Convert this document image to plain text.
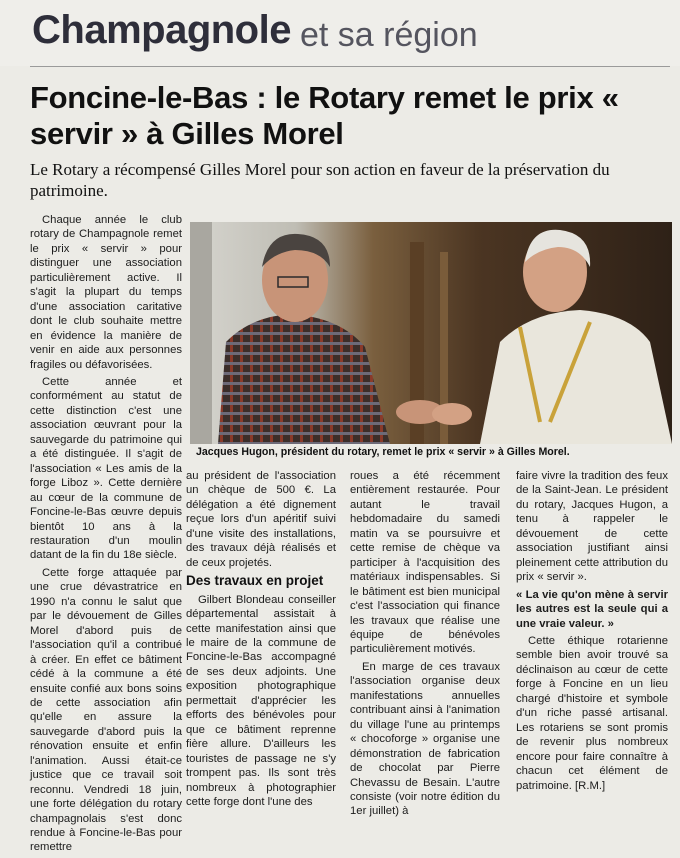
Champagnole et sa région
Foncine-le-Bas : le Rotary remet le prix « servir » à Gilles Morel

Le Rotary a récompensé Gilles Morel pour son action en faveur de la préservation du patrimoine.

Chaque année le club rotary de Champagnole remet le prix « servir » pour distinguer une association particulièrement active. Il s'agit la plupart du temps d'une association caritative dont le club souhaite mettre en évidence la manière de venir en aide aux personnes fragiles ou défavorisées.

Cette année et conformément au statut de cette distinction c'est une association œuvrant pour la sauvegarde du patrimoine qui a été distinguée. Il s'agit de l'association « Les amis de la forge Liboz ». Cette dernière au cœur de la commune de Foncine-le-Bas œuvre depuis bientôt 10 ans à la restauration d'un moulin datant de la fin du 18e siècle.

Cette forge attaquée par une crue dévastratrice en 1990 n'a connu le salut que par le dévouement de Gilles Morel d'abord puis de l'association qu'il a contribué à créer. En effet ce bâtiment cédé à la commune a été ensuite confié aux bons soins de cette association afin qu'elle en assure la sauvegarde d'abord puis la rénovation ensuite et enfin l'animation. Aussi était-ce justice que ce travail soit reconnu. Vendredi 18 juin, une forte délégation du rotary champagnolais s'est donc rendue à Foncine-le-Bas pour remettre

Jacques Hugon, président du rotary, remet le prix « servir » à Gilles Morel.

au président de l'association un chèque de 500 €. La délégation a été dignement reçue lors d'un apéritif suivi d'une visite des installations, des travaux déjà réalisés et de ceux projetés.

Des travaux en projet

Gilbert Blondeau conseiller départemental assistait à cette manifestation ainsi que le maire de la commune de Foncine-le-Bas accompagné de ses deux adjoints. Une exposition photographique permettait d'apprécier les efforts des bénévoles pour que ce bâtiment reprenne fière allure. D'ailleurs les touristes de passage ne s'y trompent pas. Ils sont très nombreux à photographier cette forge dont l'une des

roues a été récemment entièrement restaurée. Pour autant le travail hebdomadaire du samedi matin va se poursuivre et cette remise de chèque va participer à l'acquisition des matériaux indispensables. Si le bâtiment est bien municipal c'est l'association qui finance les travaux que réalise une équipe de bénévoles particulièrement motivés.

En marge de ces travaux l'association organise deux manifestations annuelles contribuant ainsi à l'animation du village l'une au printemps « chocoforge » organise une démonstration de fabrication de chocolat par Pierre Chevassu de Besain. L'autre consiste (voir notre édition du 1er juillet) à

faire vivre la tradition des feux de la Saint-Jean. Le président du rotary, Jacques Hugon, a tenu à rappeler le dévouement de cette association justifiant ainsi pleinement cette attribution du prix « servir ».

« La vie qu'on mène à servir les autres est la seule qui a une vraie valeur. »

Cette éthique rotarienne semble bien avoir trouvé sa déclinaison au cœur de cette forge à Foncine en un lieu chargé d'histoire et symbole d'un riche passé artisanal. Les rotariens se sont promis de revenir plus nombreux encore pour faire connaître à chacun cet élément de patrimoine. [R.M.]
